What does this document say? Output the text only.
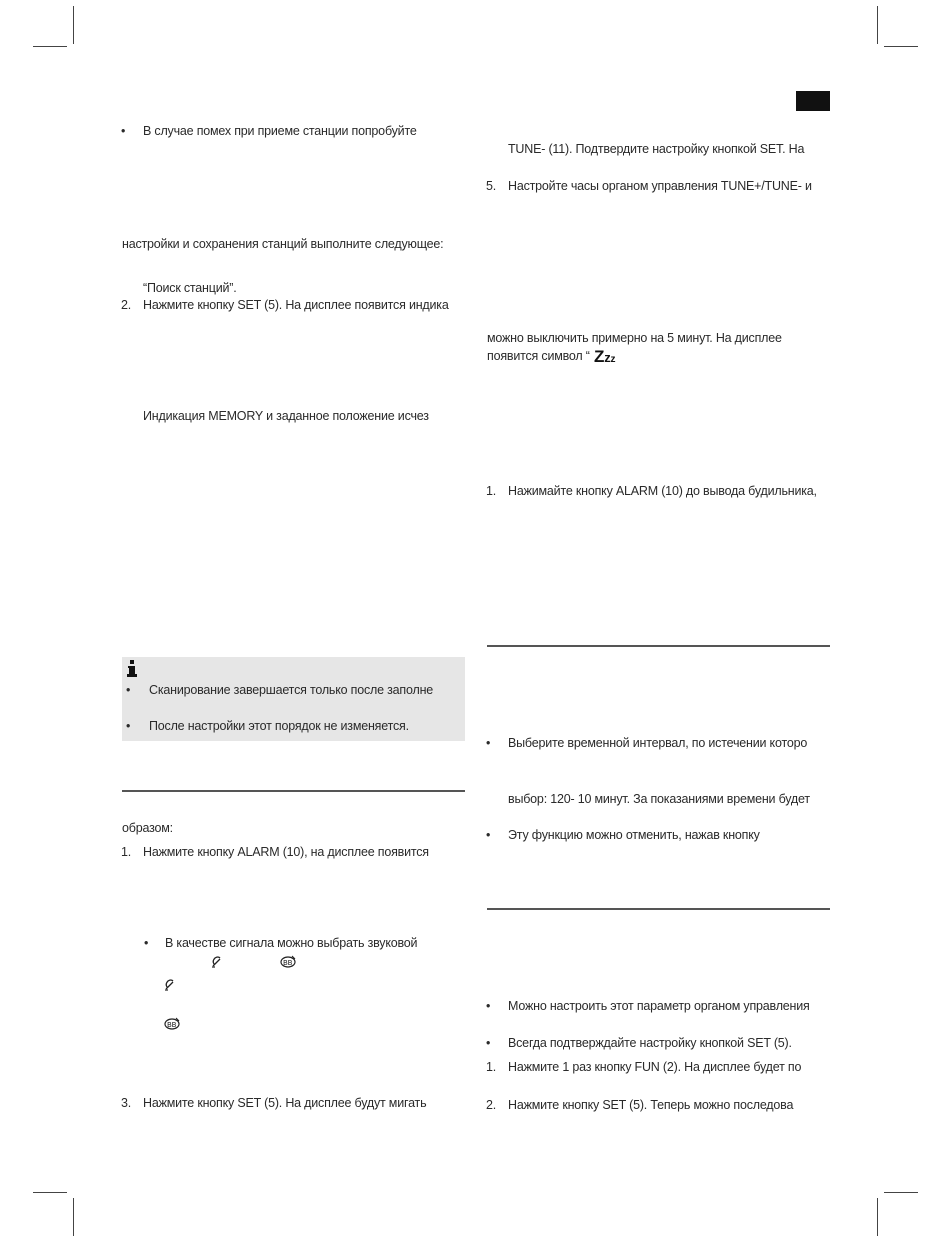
• В случае помех при приеме станции попробуйте
настройки и сохранения станций выполните следующее:
“Поиск станций”.
2. Нажмите кнопку SET (5). На дисплее появится индика
Индикация MEMORY и заданное положение исчез
• Сканирование завершается только после заполне
• После настройки этот порядок не изменяется.
образом:
1. Нажмите кнопку ALARM (10), на дисплее появится
• В качестве сигнала можно выбрать звуковой
BB
BB
3. Нажмите кнопку SET (5). На дисплее будут мигать
TUNE- (11). Подтвердите настройку кнопкой SET. На
5. Настройте часы органом управления TUNE+/TUNE- и
можно выключить примерно на 5 минут. На дисплее
появится символ “ Zzz
1. Нажимайте кнопку ALARM (10) до вывода будильника,
• Выберите временной интервал, по истечении которо
выбор: 120- 10 минут. За показаниями времени будет
• Эту функцию можно отменить, нажав кнопку
• Можно настроить этот параметр органом управления
• Всегда подтверждайте настройку кнопкой SET (5).
1. Нажмите 1 раз кнопку FUN (2). На дисплее будет по
2. Нажмите кнопку SET (5). Теперь можно последова
